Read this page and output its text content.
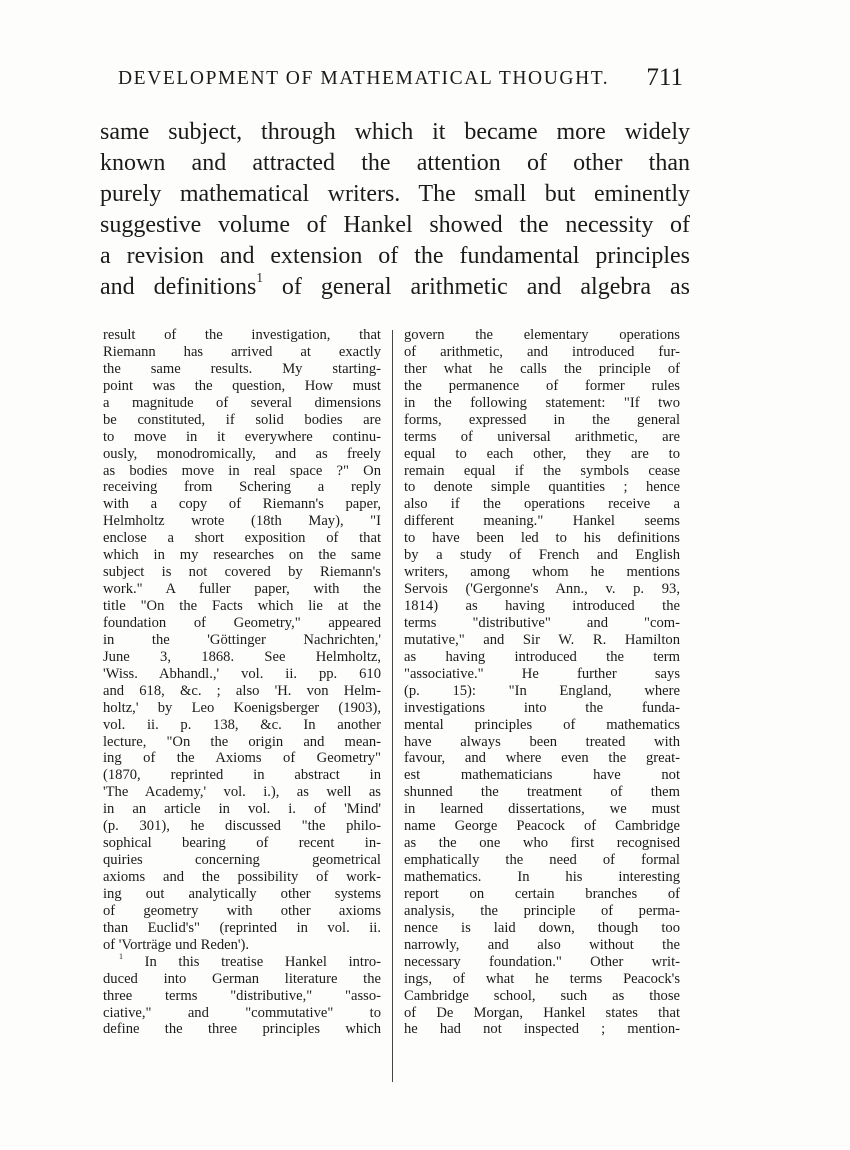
DEVELOPMENT OF MATHEMATICAL THOUGHT. 711
same subject, through which it became more widely
known and attracted the attention of other than
purely mathematical writers. The small but eminently
suggestive volume of Hankel showed the necessity of
a revision and extension of the fundamental principles
and definitions$^1$ of general arithmetic and algebra as
result of the investigation, that
Riemann has arrived at exactly
the same results. My starting-
point was the question, How must
a magnitude of several dimensions
be constituted, if solid bodies are
to move in it everywhere continu-
ously, monodromically, and as freely
as bodies move in real space ?" On
receiving from Schering a reply
with a copy of Riemann's paper,
Helmholtz wrote (18th May), "I
enclose a short exposition of that
which in my researches on the same
subject is not covered by Riemann's
work." A fuller paper, with the
title "On the Facts which lie at the
foundation of Geometry," appeared
in the 'Göttinger Nachrichten,'
June 3, 1868. See Helmholtz,
'Wiss. Abhandl.,' vol. ii. pp. 610
and 618, &c. ; also 'H. von Helm-
holtz,' by Leo Koenigsberger (1903),
vol. ii. p. 138, &c. In another
lecture, "On the origin and mean-
ing of the Axioms of Geometry"
(1870, reprinted in abstract in
'The Academy,' vol. i.), as well as
in an article in vol. i. of 'Mind'
(p. 301), he discussed "the philo-
sophical bearing of recent in-
quiries concerning geometrical
axioms and the possibility of work-
ing out analytically other systems
of geometry with other axioms
than Euclid's" (reprinted in vol. ii.
of 'Vorträge und Reden').
$^1$ In this treatise Hankel intro-
duced into German literature the
three terms "distributive," "asso-
ciative," and "commutative" to
define the three principles which
govern the elementary operations
of arithmetic, and introduced fur-
ther what he calls the principle of
the permanence of former rules
in the following statement: "If two
forms, expressed in the general
terms of universal arithmetic, are
equal to each other, they are to
remain equal if the symbols cease
to denote simple quantities ; hence
also if the operations receive a
different meaning." Hankel seems
to have been led to his definitions
by a study of French and English
writers, among whom he mentions
Servois ('Gergonne's Ann., v. p. 93,
1814) as having introduced the
terms "distributive" and "com-
mutative," and Sir W. R. Hamilton
as having introduced the term
"associative." He further says
(p. 15): "In England, where
investigations into the funda-
mental principles of mathematics
have always been treated with
favour, and where even the great-
est mathematicians have not
shunned the treatment of them
in learned dissertations, we must
name George Peacock of Cambridge
as the one who first recognised
emphatically the need of formal
mathematics. In his interesting
report on certain branches of
analysis, the principle of perma-
nence is laid down, though too
narrowly, and also without the
necessary foundation." Other writ-
ings, of what he terms Peacock's
Cambridge school, such as those
of De Morgan, Hankel states that
he had not inspected ; mention-
